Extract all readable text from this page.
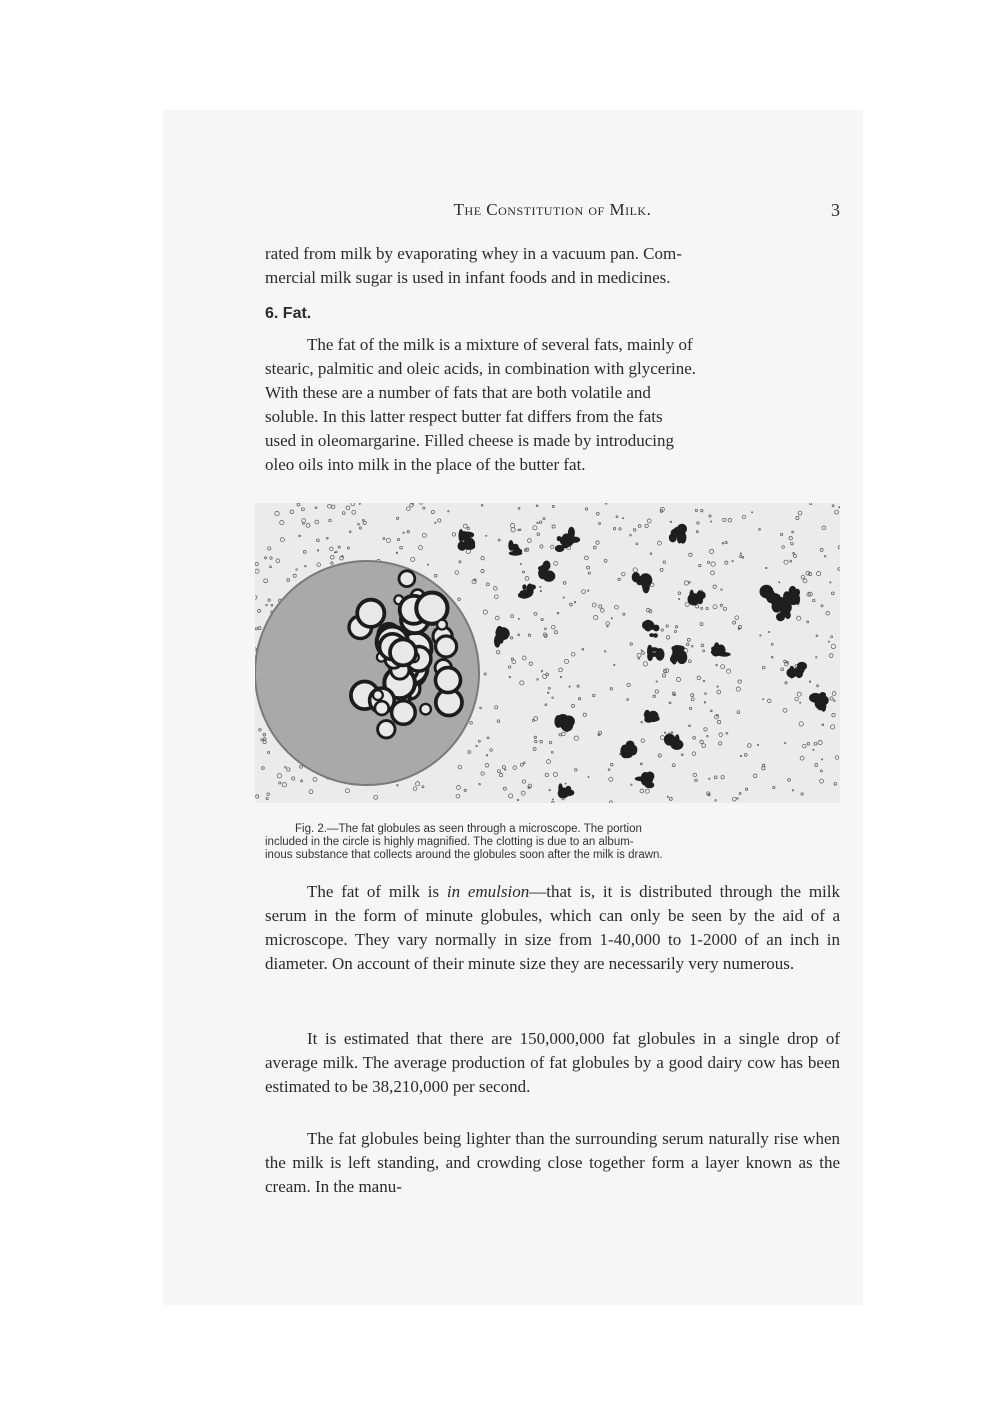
The Constitution of Milk.	3

rated from milk by evaporating whey in a vacuum pan. Com-

mercial milk sugar is used in infant foods and in medicines.

6. Fat.

The fat of the milk is a mixture of several fats, mainly of

stearic, palmitic and oleic acids, in combination with glycerine.

With these are a number of fats that are both volatile and

soluble. In this latter respect butter fat differs from the fats

used in oleomargarine. Filled cheese is made by introducing

oleo oils into milk in the place of the butter fat.

Fig. 2.—The fat globules as seen through a microscope. The portion
included in the circle is highly magnified. The clotting is due to an album-
inous substance that collects around the globules soon after the milk is drawn.

The fat of milk is in emulsion—that is, it is distributed through the milk serum in the form of minute globules, which can only be seen by the aid of a microscope. They vary normally in size from 1-40,000 to 1-2000 of an inch in diameter. On account of their minute size they are necessarily very numerous.

It is estimated that there are 150,000,000 fat globules in a single drop of average milk. The average production of fat globules by a good dairy cow has been estimated to be 38,210,000 per second.

The fat globules being lighter than the surrounding serum naturally rise when the milk is left standing, and crowding close together form a layer known as the cream. In the manu-
